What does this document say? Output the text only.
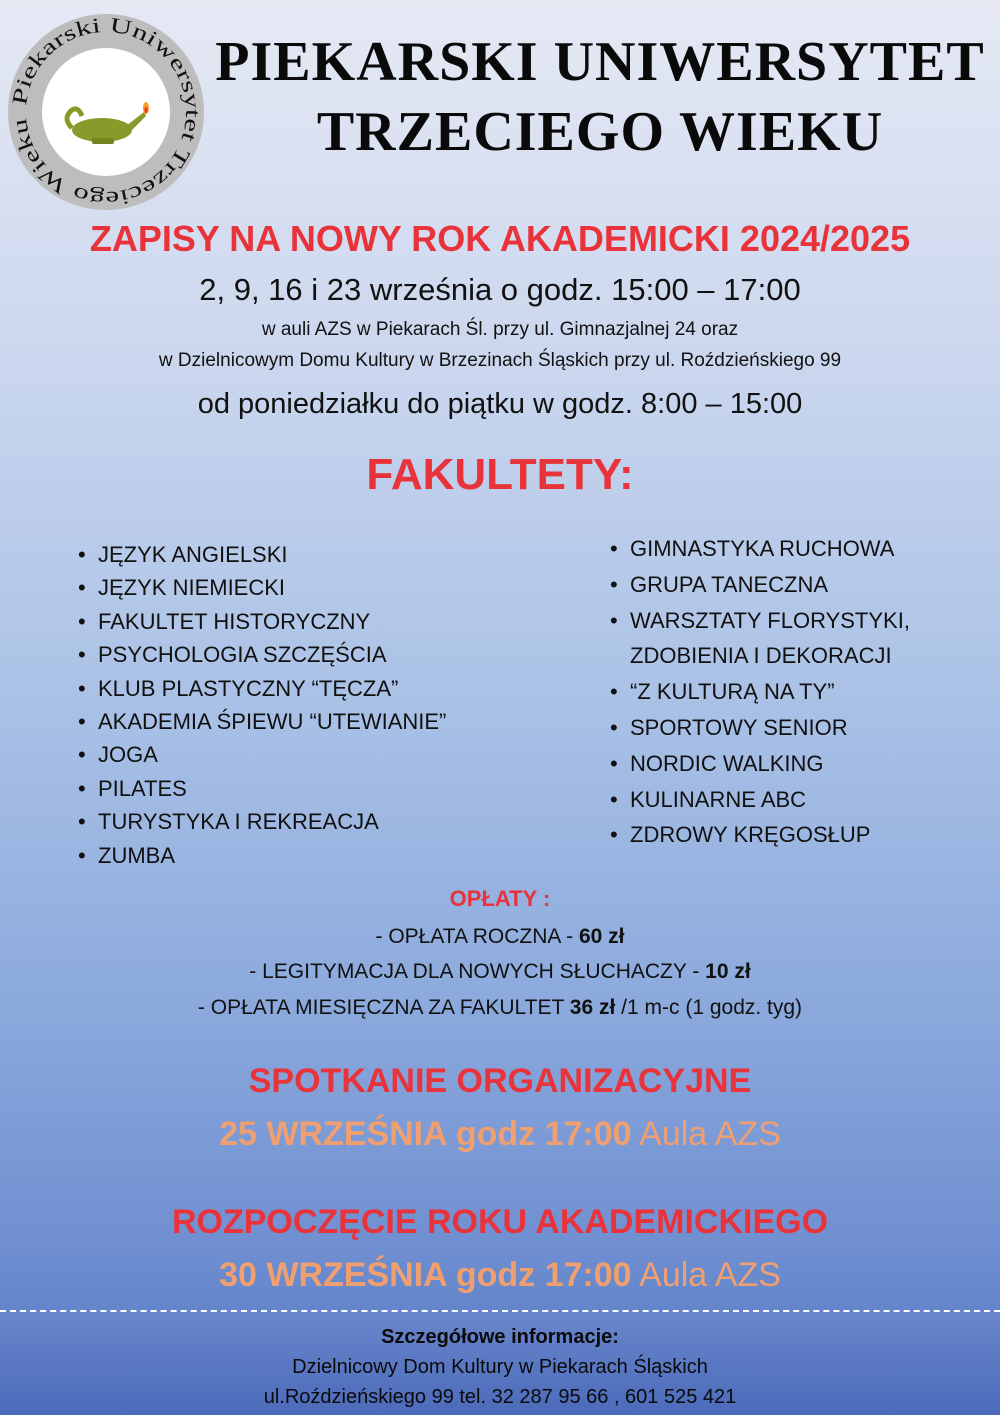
Piekarski Uniwersytet Trzeciego Wieku
PIEKARSKI UNIWERSYTET
TRZECIEGO WIEKU
ZAPISY NA NOWY ROK AKADEMICKI 2024/2025

2, 9, 16 i 23 września o godz. 15:00 – 17:00

w auli AZS w Piekarach Śl. przy ul. Gimnazjalnej 24 oraz

w Dzielnicowym Domu Kultury w Brzezinach Śląskich przy ul. Roździeńskiego 99

od poniedziałku do piątku w godz. 8:00 – 15:00

FAKULTETY:
• JĘZYK ANGIELSKI
• JĘZYK NIEMIECKI
• FAKULTET HISTORYCZNY
• PSYCHOLOGIA SZCZĘŚCIA
• KLUB PLASTYCZNY “TĘCZA”
• AKADEMIA ŚPIEWU “UTEWIANIE”
• JOGA
• PILATES
• TURYSTYKA I REKREACJA
• ZUMBA
• GIMNASTYKA RUCHOWA
• GRUPA TANECZNA
• WARSZTATY FLORYSTYKI,
ZDOBIENIA I DEKORACJI
• “Z KULTURĄ NA TY”
• SPORTOWY SENIOR
• NORDIC WALKING
• KULINARNE ABC
• ZDROWY KRĘGOSŁUP
OPŁATY :

- OPŁATA ROCZNA - 60 zł

- LEGITYMACJA DLA NOWYCH SŁUCHACZY - 10 zł

- OPŁATA MIESIĘCZNA ZA FAKULTET 36 zł /1 m-c (1 godz. tyg)

SPOTKANIE ORGANIZACYJNE

25 WRZEŚNIA godz 17:00 Aula AZS

ROZPOCZĘCIE ROKU AKADEMICKIEGO

30 WRZEŚNIA godz 17:00 Aula AZS

Szczegółowe informacje:

Dzielnicowy Dom Kultury w Piekarach Śląskich

ul.Roździeńskiego 99 tel. 32 287 95 66 , 601 525 421
